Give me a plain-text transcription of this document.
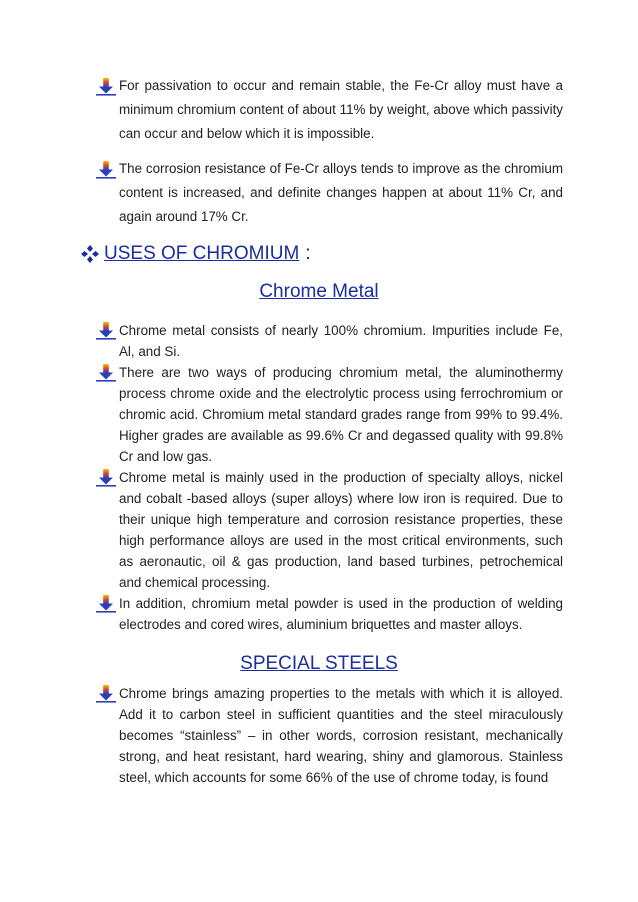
For passivation to occur and remain stable, the Fe-Cr alloy must have a minimum chromium content of about 11% by weight, above which passivity can occur and below which it is impossible.
The corrosion resistance of Fe-Cr alloys tends to improve as the chromium content is increased, and definite changes happen at about 11% Cr, and again around 17% Cr.
USES OF CHROMIUM :
Chrome Metal
Chrome metal consists of nearly 100% chromium. Impurities include Fe, Al, and Si.
There are two ways of producing chromium metal, the aluminothermy process chrome oxide and the electrolytic process using ferrochromium or chromic acid. Chromium metal standard grades range from 99% to 99.4%. Higher grades are available as 99.6% Cr and degassed quality with 99.8% Cr and low gas.
Chrome metal is mainly used in the production of specialty alloys, nickel and cobalt -based alloys (super alloys) where low iron is required. Due to their unique high temperature and corrosion resistance properties, these high performance alloys are used in the most critical environments, such as aeronautic, oil & gas production, land based turbines, petrochemical and chemical processing.
In addition, chromium metal powder is used in the production of welding electrodes and cored wires, aluminium briquettes and master alloys.
SPECIAL STEELS
Chrome brings amazing properties to the metals with which it is alloyed. Add it to carbon steel in sufficient quantities and the steel miraculously becomes “stainless” – in other words, corrosion resistant, mechanically strong, and heat resistant, hard wearing, shiny and glamorous. Stainless steel, which accounts for some 66% of the use of chrome today, is found
